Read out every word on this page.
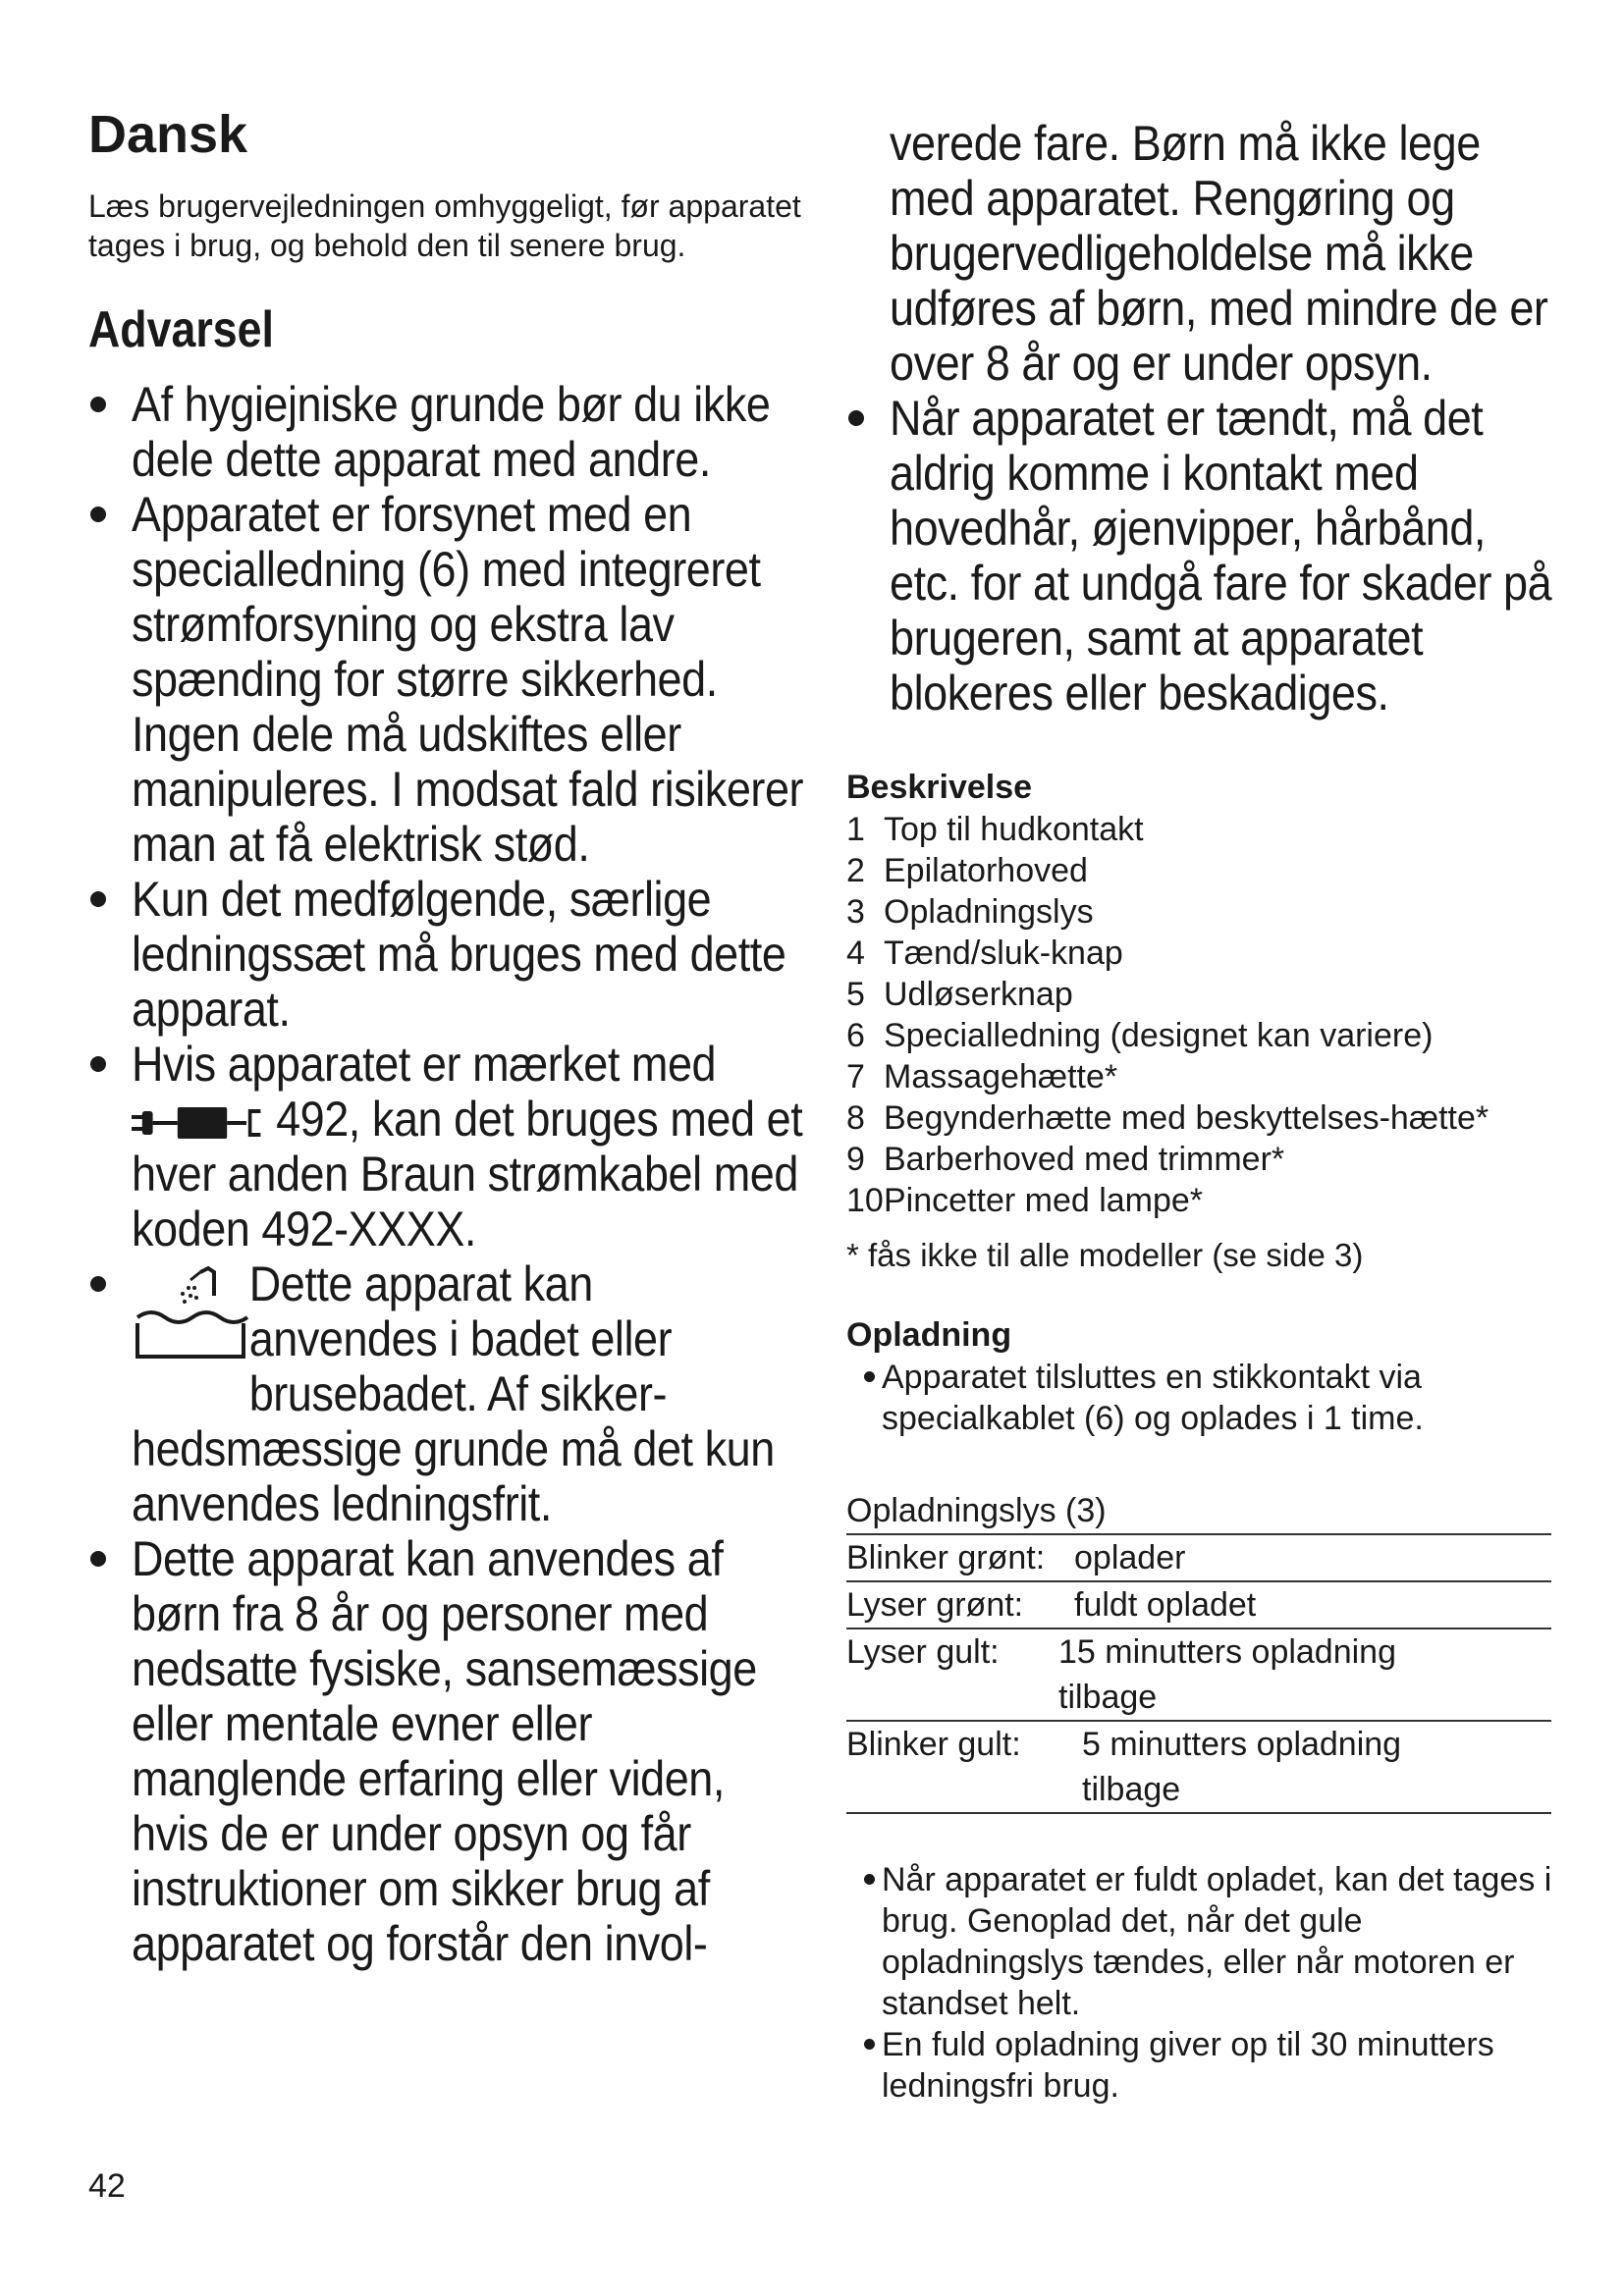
Dansk

Læs brugervejledningen omhyggeligt, før apparatet tages i brug, og behold den til senere brug.

Advarsel
Af hygiejniske grunde bør du ikke dele dette apparat med andre.
Apparatet er forsynet med en specialledning (6) med integreret strømforsyning og ekstra lav spænding for større sikkerhed. Ingen dele må udskiftes eller manipuleres. I modsat fald risikerer man at få elektrisk stød.
Kun det medfølgende, særlige ledningssæt må bruges med dette apparat.
Hvis apparatet er mærket med
492, kan det bruges med et hver anden Braun strømkabel med koden 492-XXXX.
Dette apparat kan
anvendes i badet eller
brusebadet. Af sikker-
hedsmæssige grunde må det kun anvendes ledningsfrit.
Dette apparat kan anvendes af børn fra 8 år og personer med nedsatte fysiske, sansemæssige eller mentale evner eller manglende erfaring eller viden, hvis de er under opsyn og får instruktioner om sikker brug af apparatet og forstår den invol-
verede fare. Børn må ikke lege med apparatet. Rengøring og brugervedligeholdelse må ikke udføres af børn, med mindre de er over 8 år og er under opsyn.
Når apparatet er tændt, må det aldrig komme i kontakt med hovedhår, øjenvipper, hårbånd, etc. for at undgå fare for skader på brugeren, samt at apparatet blokeres eller beskadiges.
Beskrivelse
1 Top til hudkontakt
2 Epilatorhoved
3 Opladningslys
4 Tænd/sluk-knap
5 Udløserknap
6 Specialledning (designet kan variere)
7 Massagehætte*
8 Begynderhætte med beskyttelses-hætte*
9 Barberhoved med trimmer*
10 Pincetter med lampe*

* fås ikke til alle modeller (se side 3)

Opladning
Apparatet tilsluttes en stikkontakt via specialkablet (6) og oplades i 1 time.
Opladningslys (3)
Blinker grønt: oplader
Lyser grønt:	fuldt opladet
Lyser gult:	15 minutters opladning tilbage
Blinker gult:	5 minutters opladning tilbage
Når apparatet er fuldt opladet, kan det tages i brug. Genoplad det, når det gule opladningslys tændes, eller når motoren er standset helt.
En fuld opladning giver op til 30 minutters ledningsfri brug.
42
